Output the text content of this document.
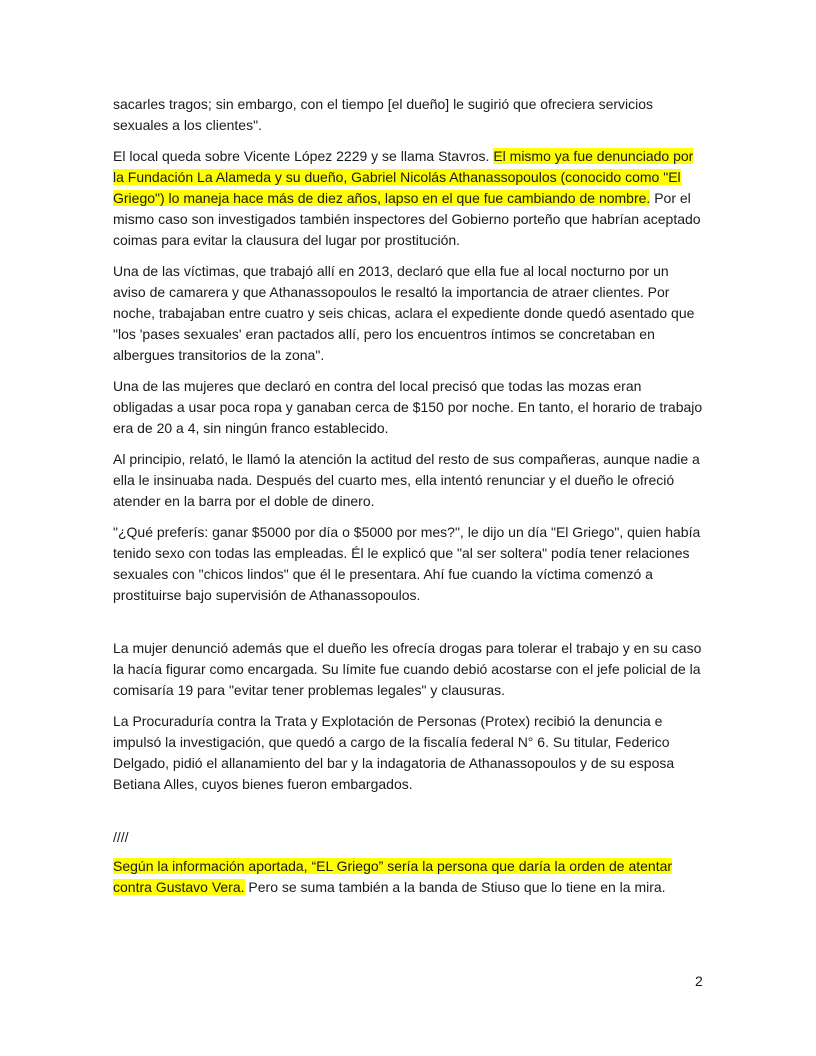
sacarles tragos; sin embargo, con el tiempo [el dueño] le sugirió que ofreciera servicios sexuales a los clientes".

El local queda sobre Vicente López 2229 y se llama Stavros. El mismo ya fue denunciado por la Fundación La Alameda y su dueño, Gabriel Nicolás Athanassopoulos (conocido como "El Griego") lo maneja hace más de diez años, lapso en el que fue cambiando de nombre. Por el mismo caso son investigados también inspectores del Gobierno porteño que habrían aceptado coimas para evitar la clausura del lugar por prostitución.

Una de las víctimas, que trabajó allí en 2013, declaró que ella fue al local nocturno por un aviso de camarera y que Athanassopoulos le resaltó la importancia de atraer clientes. Por noche, trabajaban entre cuatro y seis chicas, aclara el expediente donde quedó asentado que "los 'pases sexuales' eran pactados allí, pero los encuentros íntimos se concretaban en albergues transitorios de la zona".

Una de las mujeres que declaró en contra del local precisó que todas las mozas eran obligadas a usar poca ropa y ganaban cerca de $150 por noche. En tanto, el horario de trabajo era de 20 a 4, sin ningún franco establecido.

Al principio, relató, le llamó la atención la actitud del resto de sus compañeras, aunque nadie a ella le insinuaba nada. Después del cuarto mes, ella intentó renunciar y el dueño le ofreció atender en la barra por el doble de dinero.

"¿Qué preferís: ganar $5000 por día o $5000 por mes?", le dijo un día "El Griego", quien había tenido sexo con todas las empleadas. Él le explicó que "al ser soltera" podía tener relaciones sexuales con "chicos lindos" que él le presentara. Ahí fue cuando la víctima comenzó a prostituirse bajo supervisión de Athanassopoulos.

La mujer denunció además que el dueño les ofrecía drogas para tolerar el trabajo y en su caso la hacía figurar como encargada. Su límite fue cuando debió acostarse con el jefe policial de la comisaría 19 para "evitar tener problemas legales" y clausuras.

La Procuraduría contra la Trata y Explotación de Personas (Protex) recibió la denuncia e impulsó la investigación, que quedó a cargo de la fiscalía federal N° 6. Su titular, Federico Delgado, pidió el allanamiento del bar y la indagatoria de Athanassopoulos y de su esposa Betiana Alles, cuyos bienes fueron embargados.

////

Según la información aportada, “EL Griego” sería la persona que daría la orden de atentar contra Gustavo Vera. Pero se suma también a la banda de Stiuso que lo tiene en la mira.

2
